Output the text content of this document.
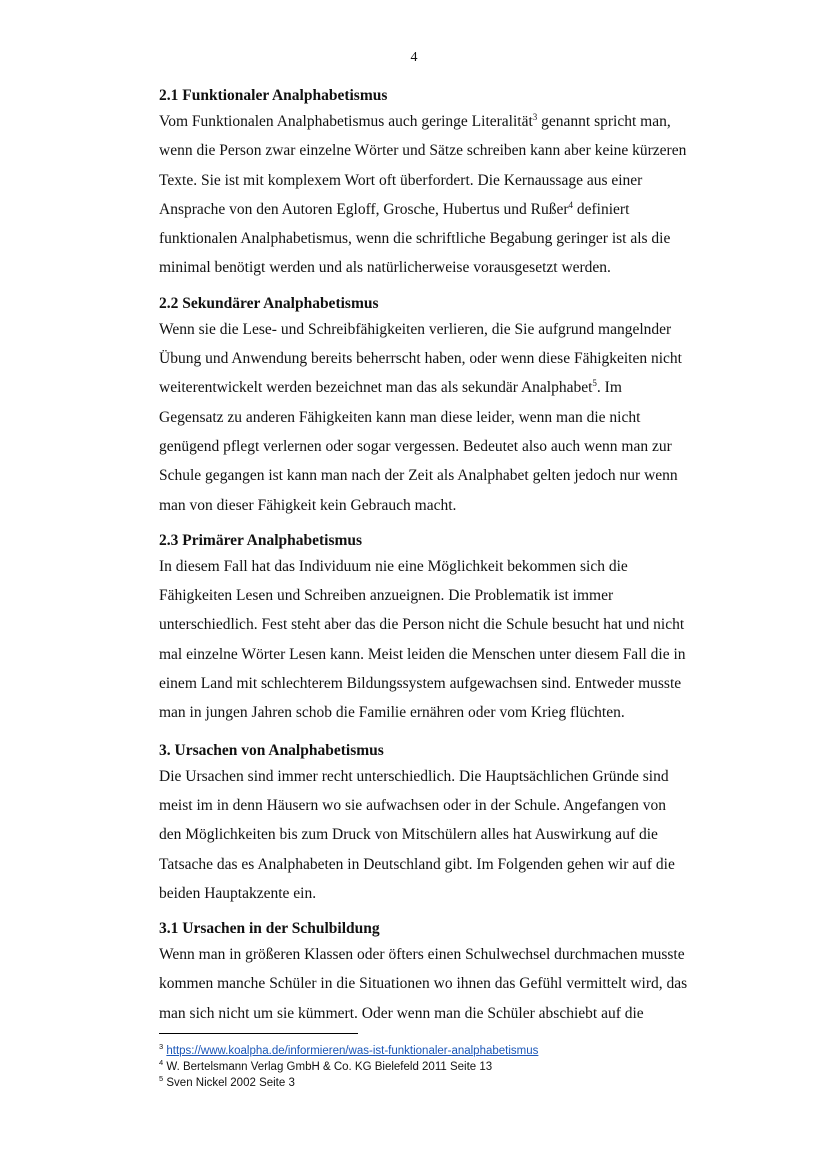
4
2.1 Funktionaler Analphabetismus
Vom Funktionalen Analphabetismus auch geringe Literalität$^3$ genannt spricht man,
wenn die Person zwar einzelne Wörter und Sätze schreiben kann aber keine kürzeren
Texte. Sie ist mit komplexem Wort oft überfordert. Die Kernaussage aus einer
Ansprache von den Autoren Egloff, Grosche, Hubertus und Rußer$^4$ definiert
funktionalen Analphabetismus, wenn die schriftliche Begabung geringer ist als die
minimal benötigt werden und als natürlicherweise vorausgesetzt werden.
2.2 Sekundärer Analphabetismus
Wenn sie die Lese- und Schreibfähigkeiten verlieren, die Sie aufgrund mangelnder
Übung und Anwendung bereits beherrscht haben, oder wenn diese Fähigkeiten nicht
weiterentwickelt werden bezeichnet man das als sekundär Analphabet$^5$. Im
Gegensatz zu anderen Fähigkeiten kann man diese leider, wenn man die nicht
genügend pflegt verlernen oder sogar vergessen. Bedeutet also auch wenn man zur
Schule gegangen ist kann man nach der Zeit als Analphabet gelten jedoch nur wenn
man von dieser Fähigkeit kein Gebrauch macht.
2.3 Primärer Analphabetismus
In diesem Fall hat das Individuum nie eine Möglichkeit bekommen sich die
Fähigkeiten Lesen und Schreiben anzueignen. Die Problematik ist immer
unterschiedlich. Fest steht aber das die Person nicht die Schule besucht hat und nicht
mal einzelne Wörter Lesen kann. Meist leiden die Menschen unter diesem Fall die in
einem Land mit schlechterem Bildungssystem aufgewachsen sind. Entweder musste
man in jungen Jahren schob die Familie ernähren oder vom Krieg flüchten.
3. Ursachen von Analphabetismus
Die Ursachen sind immer recht unterschiedlich. Die Hauptsächlichen Gründe sind
meist im in denn Häusern wo sie aufwachsen oder in der Schule. Angefangen von
den Möglichkeiten bis zum Druck von Mitschülern alles hat Auswirkung auf die
Tatsache das es Analphabeten in Deutschland gibt. Im Folgenden gehen wir auf die
beiden Hauptakzente ein.
3.1 Ursachen in der Schulbildung
Wenn man in größeren Klassen oder öfters einen Schulwechsel durchmachen musste
kommen manche Schüler in die Situationen wo ihnen das Gefühl vermittelt wird, das
man sich nicht um sie kümmert. Oder wenn man die Schüler abschiebt auf die
$^3$ https://www.koalpha.de/informieren/was-ist-funktionaler-analphabetismus
$^4$ W. Bertelsmann Verlag GmbH & Co. KG Bielefeld 2011 Seite 13
$^5$ Sven Nickel 2002 Seite 3
